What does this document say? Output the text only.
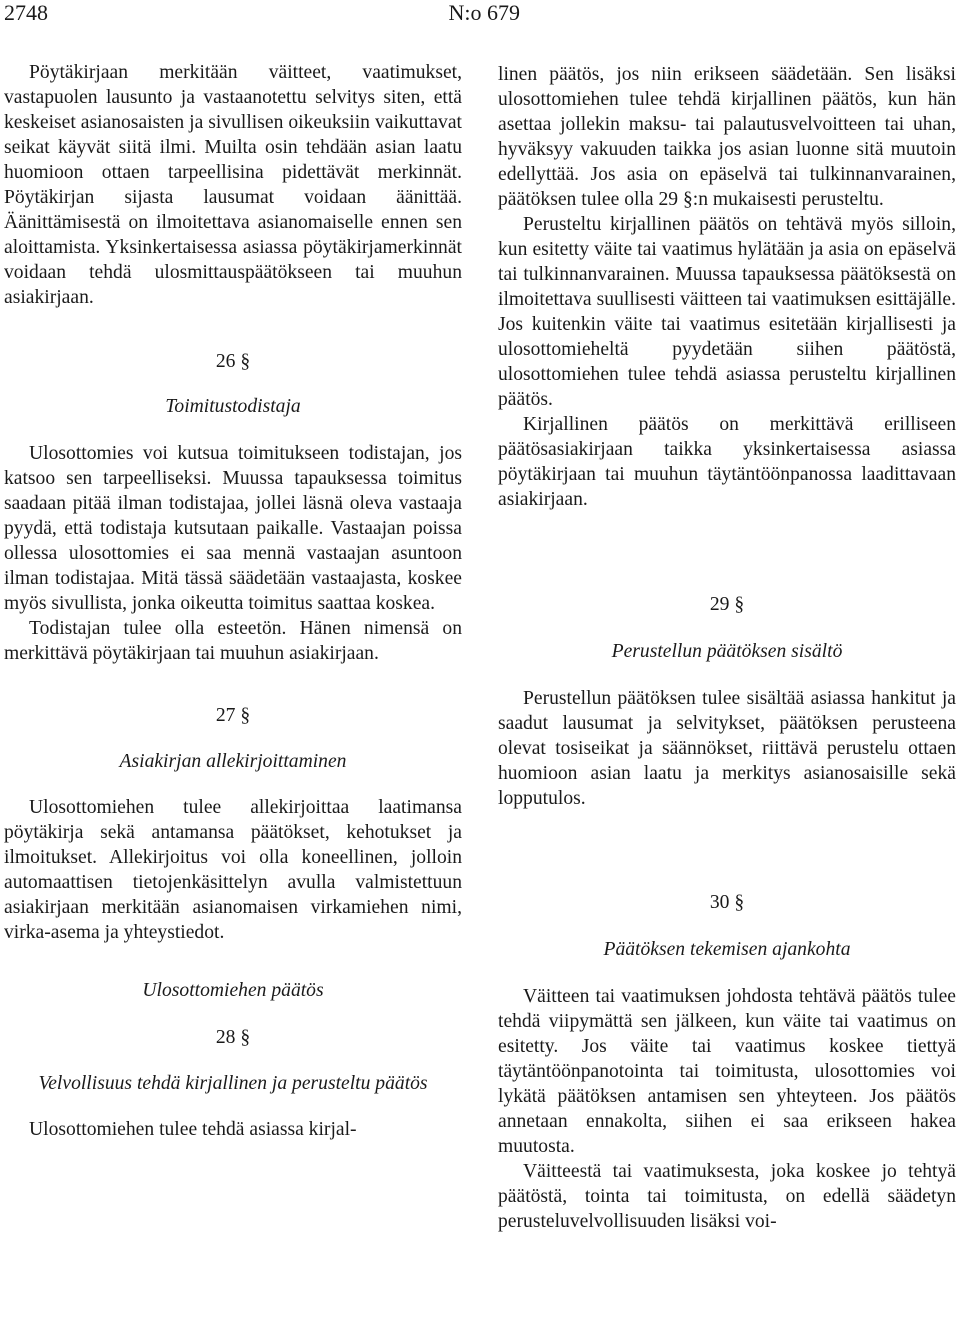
2748	N:o 679

Pöytäkirjaan merkitään väitteet, vaatimukset, vastapuolen lausunto ja vastaanotettu selvitys siten, että keskeiset asianosaisten ja sivullisen oikeuksiin vaikuttavat seikat käyvät siitä ilmi. Muilta osin tehdään asian laatu huomioon ottaen tarpeellisina pidettävät merkinnät. Pöytäkirjan sijasta lausumat voidaan äänittää. Äänittämisestä on ilmoitettava asianomaiselle ennen sen aloittamista. Yksinkertaisessa asiassa pöytäkirjamerkinnät voidaan tehdä ulosmittauspäätökseen tai muuhun asiakirjaan.

26 §

Toimitustodistaja

Ulosottomies voi kutsua toimitukseen todistajan, jos katsoo sen tarpeelliseksi. Muussa tapauksessa toimitus saadaan pitää ilman todistajaa, jollei läsnä oleva vastaaja pyydä, että todistaja kutsutaan paikalle. Vastaajan poissa ollessa ulosottomies ei saa mennä vastaajan asuntoon ilman todistajaa. Mitä tässä säädetään vastaajasta, koskee myös sivullista, jonka oikeutta toimitus saattaa koskea.

Todistajan tulee olla esteetön. Hänen nimensä on merkittävä pöytäkirjaan tai muuhun asiakirjaan.

27 §

Asiakirjan allekirjoittaminen

Ulosottomiehen tulee allekirjoittaa laatimansa pöytäkirja sekä antamansa päätökset, kehotukset ja ilmoitukset. Allekirjoitus voi olla koneellinen, jolloin automaattisen tietojenkäsittelyn avulla valmistettuun asiakirjaan merkitään asianomaisen virkamiehen nimi, virka-asema ja yhteystiedot.

Ulosottomiehen päätös

28 §

Velvollisuus tehdä kirjallinen ja perusteltu päätös

Ulosottomiehen tulee tehdä asiassa kirjal-

linen päätös, jos niin erikseen säädetään. Sen lisäksi ulosottomiehen tulee tehdä kirjallinen päätös, kun hän asettaa jollekin maksu- tai palautusvelvoitteen tai uhan, hyväksyy vakuuden taikka jos asian luonne sitä muutoin edellyttää. Jos asia on epäselvä tai tulkinnanvarainen, päätöksen tulee olla 29 §:n mukaisesti perusteltu.

Perusteltu kirjallinen päätös on tehtävä myös silloin, kun esitetty väite tai vaatimus hylätään ja asia on epäselvä tai tulkinnanvarainen. Muussa tapauksessa päätöksestä on ilmoitettava suullisesti väitteen tai vaatimuksen esittäjälle. Jos kuitenkin väite tai vaatimus esitetään kirjallisesti ja ulosottomieheltä pyydetään siihen päätöstä, ulosottomiehen tulee tehdä asiassa perusteltu kirjallinen päätös.

Kirjallinen päätös on merkittävä erilliseen päätösasiakirjaan taikka yksinkertaisessa asiassa pöytäkirjaan tai muuhun täytäntöönpanossa laadittavaan asiakirjaan.

29 §

Perustellun päätöksen sisältö

Perustellun päätöksen tulee sisältää asiassa hankitut ja saadut lausumat ja selvitykset, päätöksen perusteena olevat tosiseikat ja säännökset, riittävä perustelu ottaen huomioon asian laatu ja merkitys asianosaisille sekä lopputulos.

30 §

Päätöksen tekemisen ajankohta

Väitteen tai vaatimuksen johdosta tehtävä päätös tulee tehdä viipymättä sen jälkeen, kun väite tai vaatimus on esitetty. Jos väite tai vaatimus koskee tiettyä täytäntöönpanotointa tai toimitusta, ulosottomies voi lykätä päätöksen antamisen sen yhteyteen. Jos päätös annetaan ennakolta, siihen ei saa erikseen hakea muutosta.

Väitteestä tai vaatimuksesta, joka koskee jo tehtyä päätöstä, tointa tai toimitusta, on edellä säädetyn perusteluvelvollisuuden lisäksi voi-
